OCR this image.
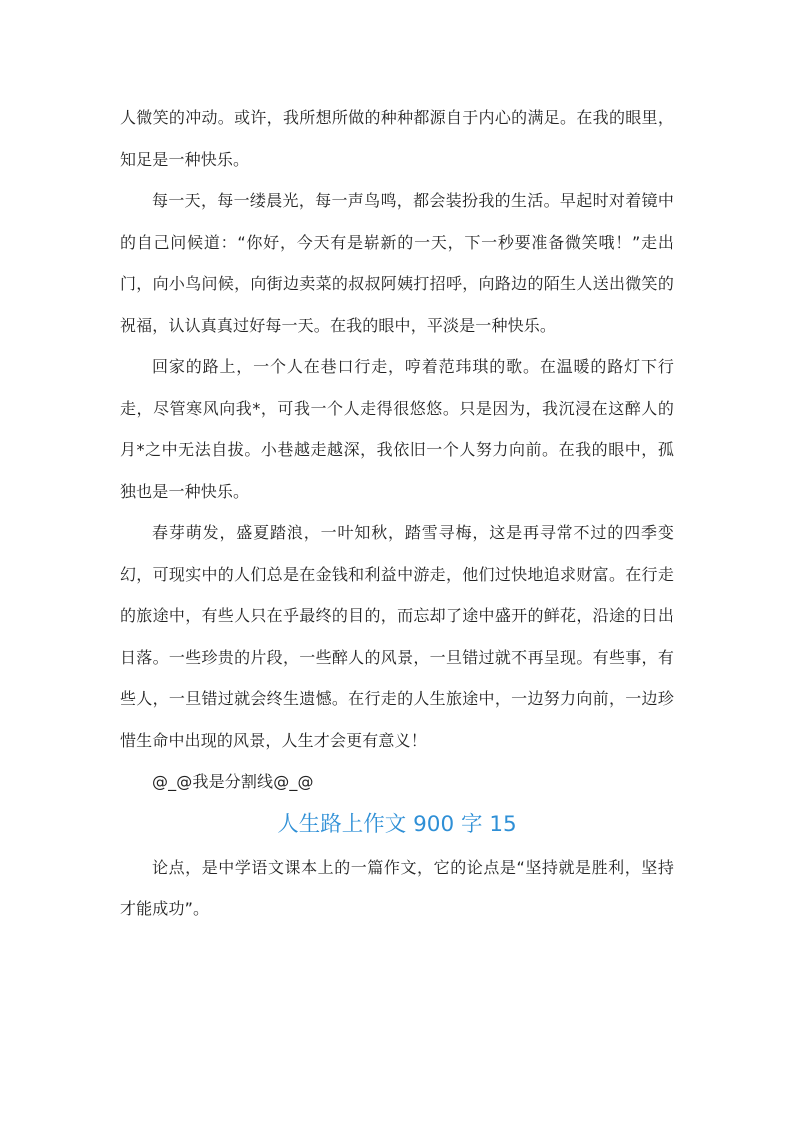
人微笑的冲动。或许，我所想所做的种种都源自于内心的满足。在我的眼里，知足是一种快乐。

每一天，每一缕晨光，每一声鸟鸣，都会装扮我的生活。早起时对着镜中的自己问候道：“你好，今天有是崭新的一天，下一秒要准备微笑哦！”走出门，向小鸟问候，向街边卖菜的叔叔阿姨打招呼，向路边的陌生人送出微笑的祝福，认认真真过好每一天。在我的眼中，平淡是一种快乐。

回家的路上，一个人在巷口行走，哼着范玮琪的歌。在温暖的路灯下行走，尽管寒风向我*，可我一个人走得很悠悠。只是因为，我沉浸在这醉人的月*之中无法自拔。小巷越走越深，我依旧一个人努力向前。在我的眼中，孤独也是一种快乐。

春芽萌发，盛夏踏浪，一叶知秋，踏雪寻梅，这是再寻常不过的四季变幻，可现实中的人们总是在金钱和利益中游走，他们过快地追求财富。在行走的旅途中，有些人只在乎最终的目的，而忘却了途中盛开的鲜花，沿途的日出日落。一些珍贵的片段，一些醉人的风景，一旦错过就不再呈现。有些事，有些人，一旦错过就会终生遗憾。在行走的人生旅途中，一边努力向前，一边珍惜生命中出现的风景，人生才会更有意义！

@_@我是分割线@_@

人生路上作文 900 字 15

论点，是中学语文课本上的一篇作文，它的论点是“坚持就是胜利，坚持才能成功”。
